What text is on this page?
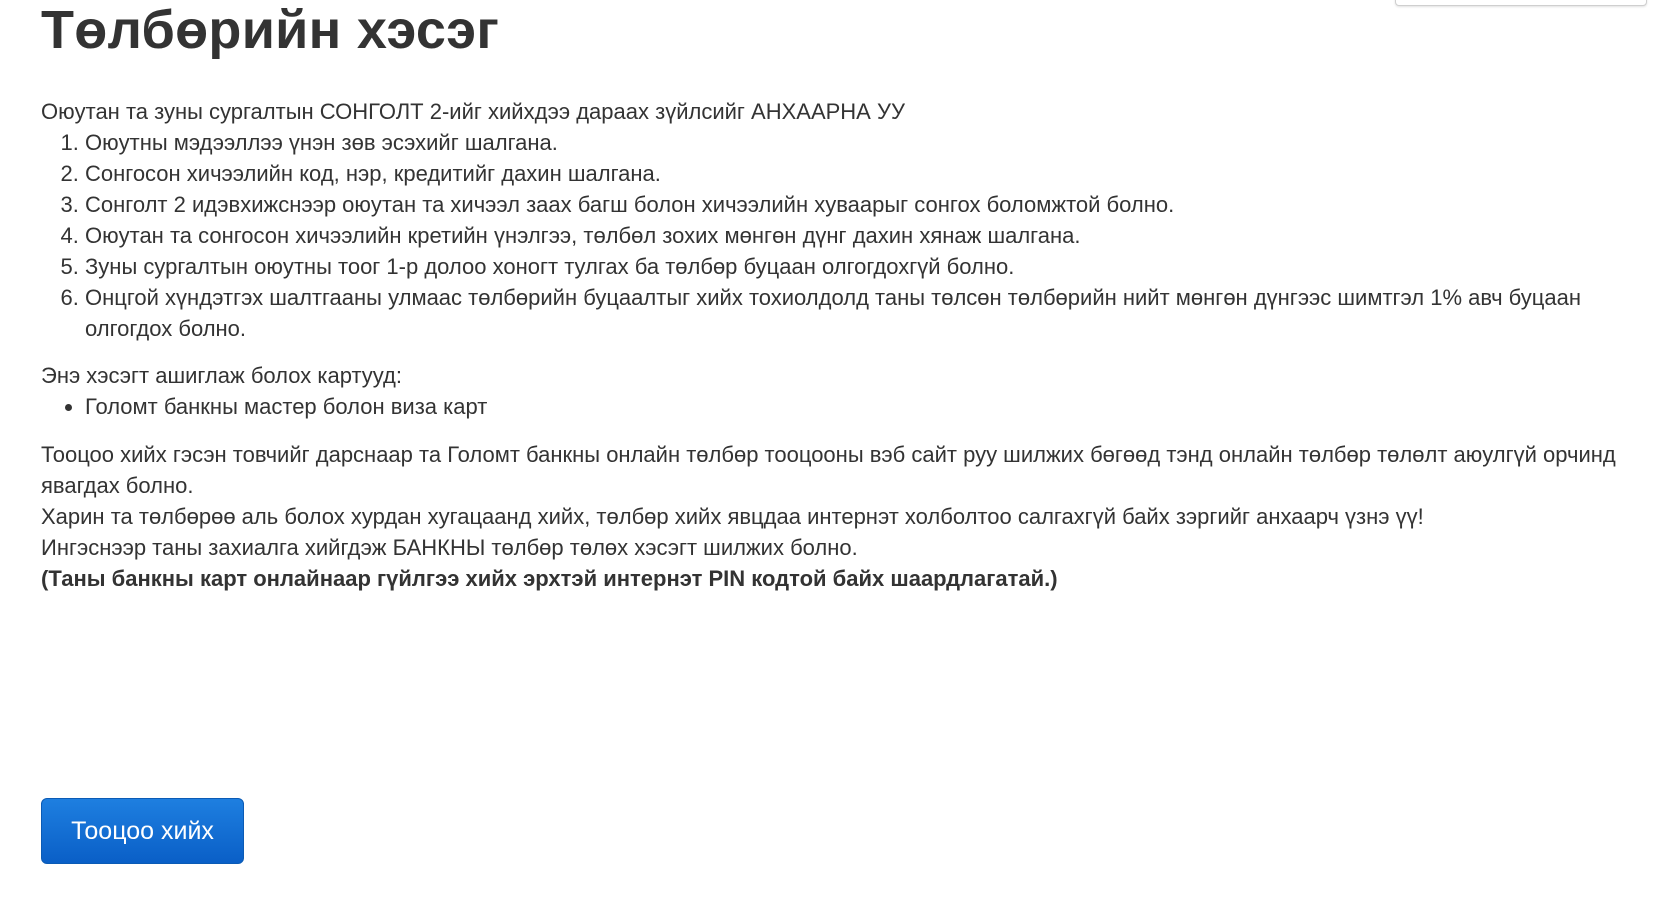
Төлбөрийн хэсэг

Оюутан та зуны сургалтын СОНГОЛТ 2-ийг хийхдээ дараах зүйлсийг АНХААРНА УУ

1. Оюутны мэдээллээ үнэн зөв эсэхийг шалгана.
2. Сонгосон хичээлийн код, нэр, кредитийг дахин шалгана.
3. Сонголт 2 идэвхижснээр оюутан та хичээл заах багш болон хичээлийн хуваарыг сонгох боломжтой болно.
4. Оюутан та сонгосон хичээлийн кретийн үнэлгээ, төлбөл зохих мөнгөн дүнг дахин хянаж шалгана.
5. Зуны сургалтын оюутны тоог 1-р долоо хоногт тулгах ба төлбөр буцаан олгогдохгүй болно.
6. Онцгой хүндэтгэх шалтгааны улмаас төлбөрийн буцаалтыг хийх тохиолдолд таны төлсөн төлбөрийн нийт мөнгөн дүнгээс шимтгэл 1% авч буцаан олгогдох болно.

Энэ хэсэгт ашиглаж болох картууд:

• Голомт банкны мастер болон виза карт

Тооцоо хийх гэсэн товчийг дарснаар та Голомт банкны онлайн төлбөр тооцооны вэб сайт руу шилжих бөгөөд тэнд онлайн төлбөр төлөлт аюулгүй орчинд явагдах болно.

Харин та төлбөрөө аль болох хурдан хугацаанд хийх, төлбөр хийх явцдаа интернэт холболтоо салгахгүй байх зэргийг анхаарч үзнэ үү!

Ингэснээр таны захиалга хийгдэж БАНКНЫ төлбөр төлөх хэсэгт шилжих болно.

(Таны банкны карт онлайнаар гүйлгээ хийх эрхтэй интернэт PIN кодтой байх шаардлагатай.)

Тооцоо хийх
